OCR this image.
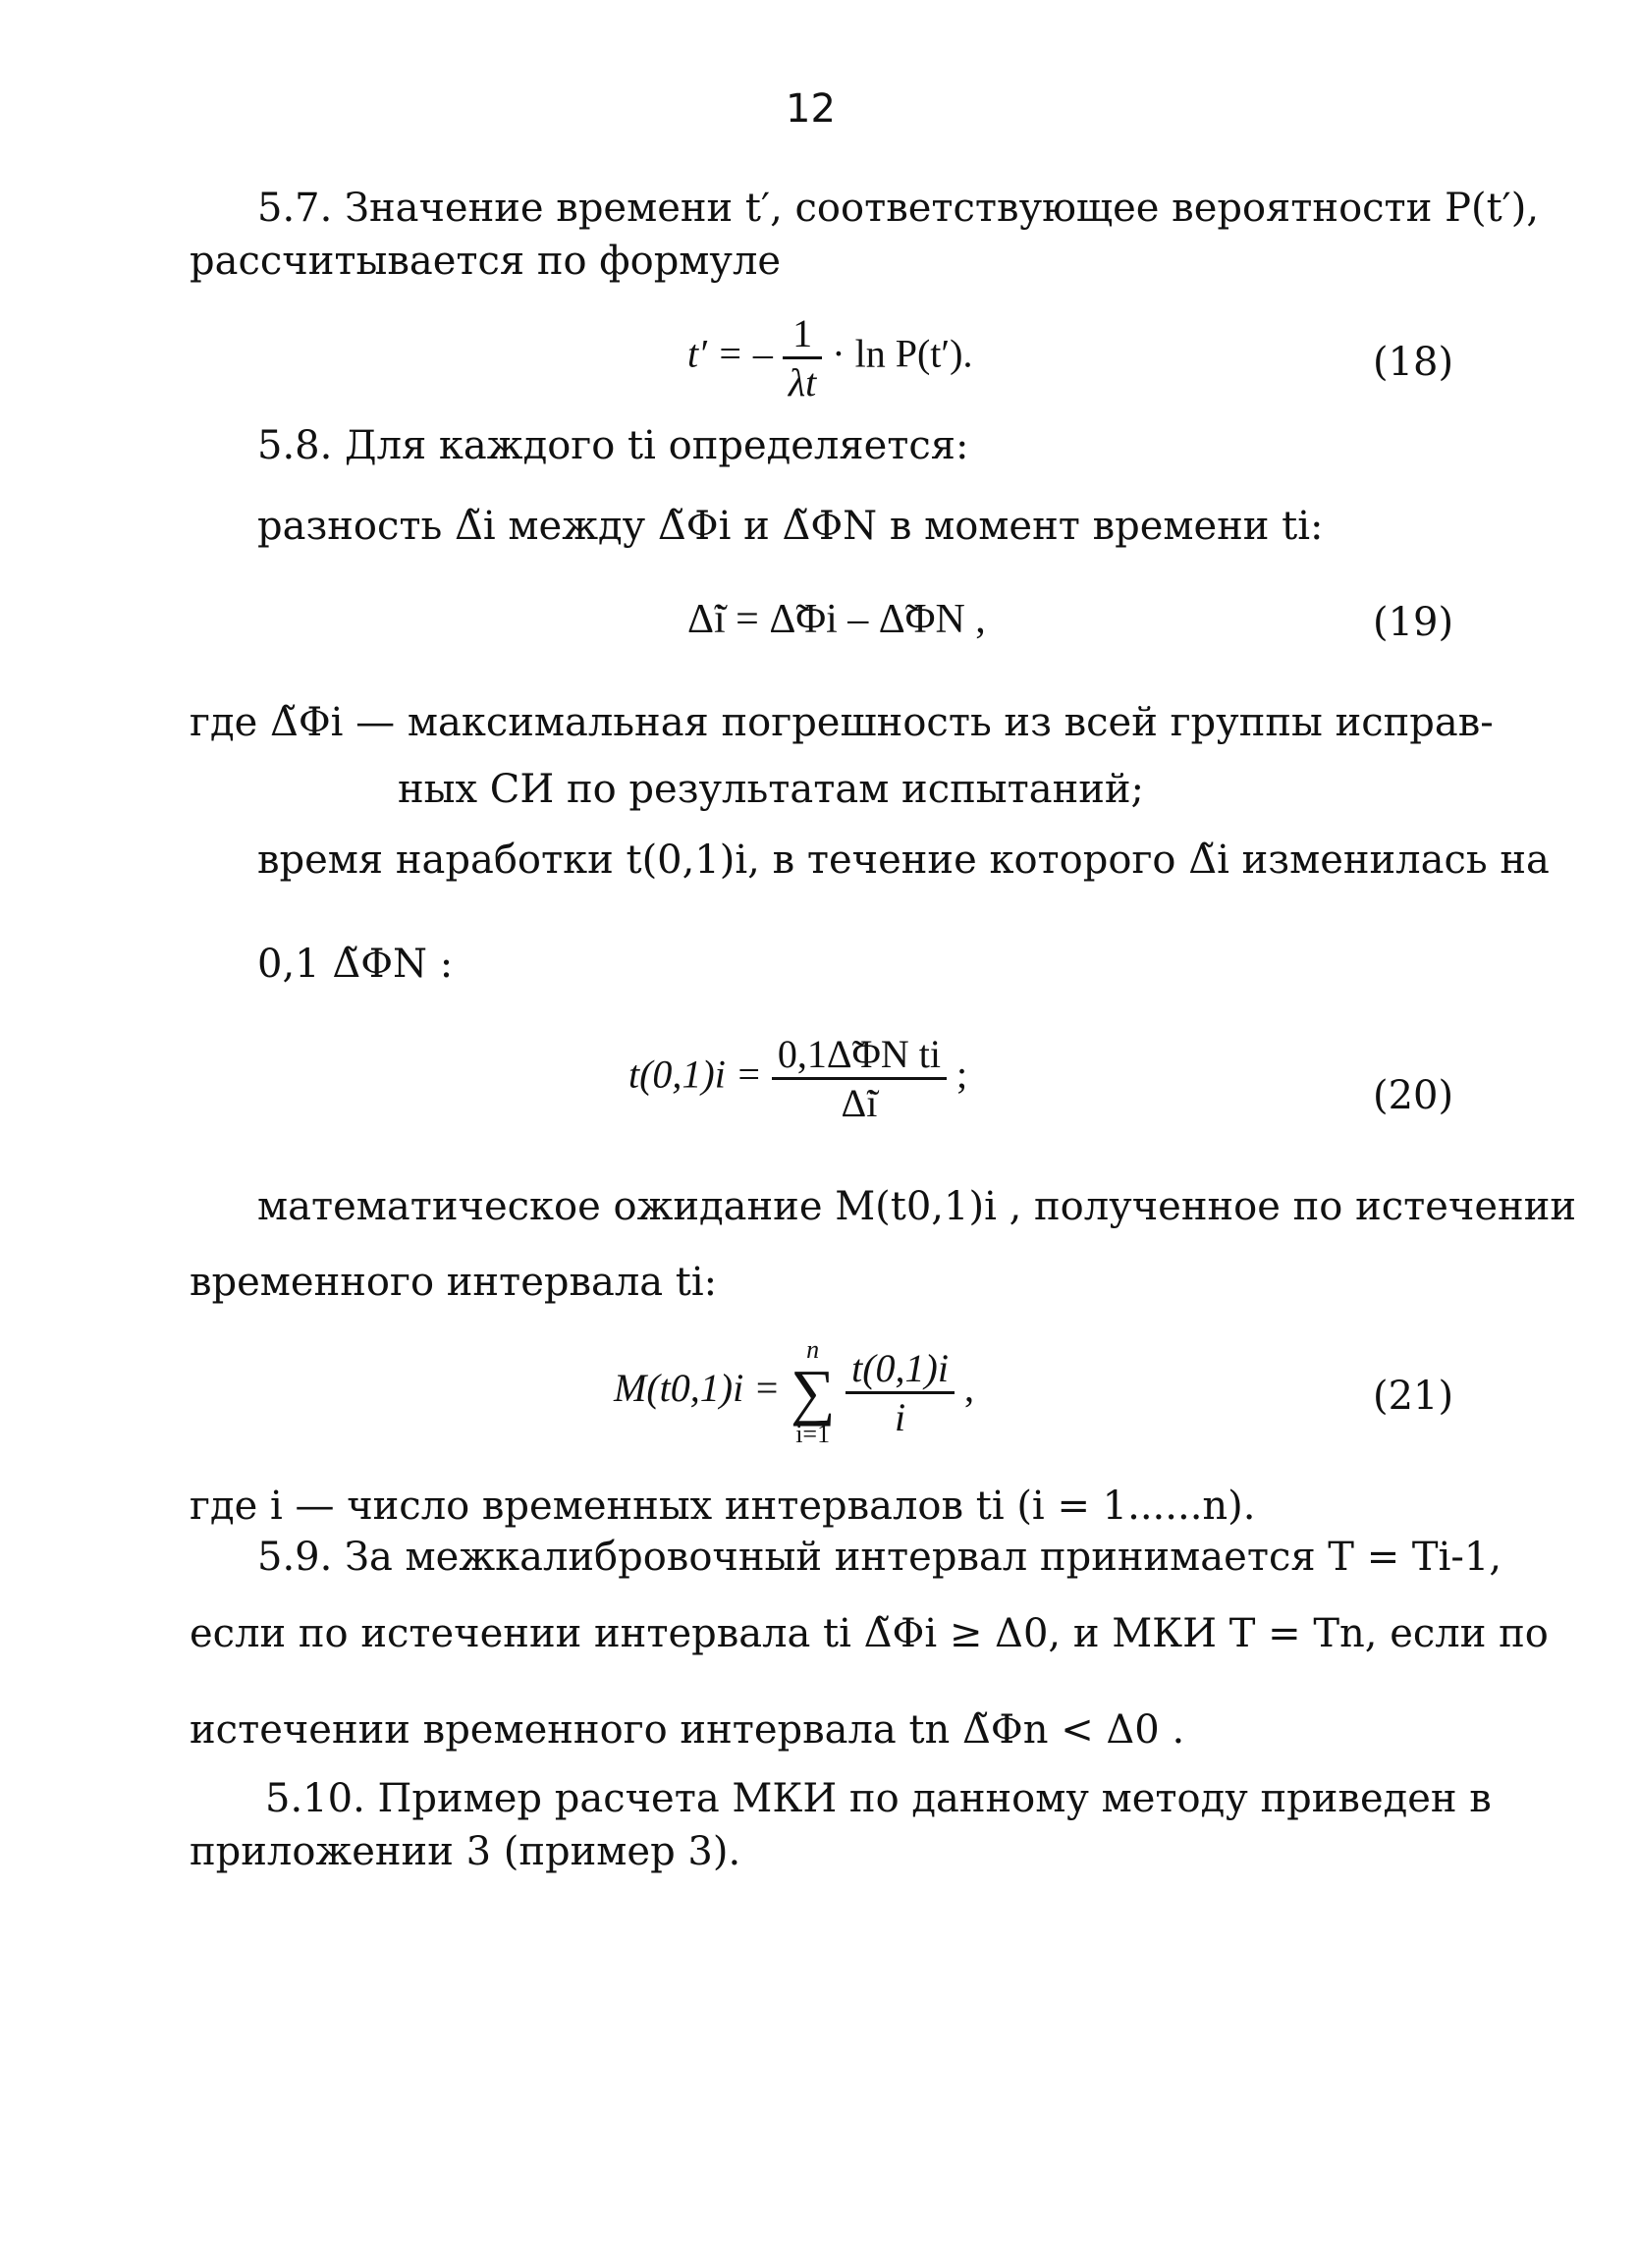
12
5.7. Значение времени t′, соответствующее вероятности P(t′),
рассчитывается по формуле
t′ = – $\frac{1}{\lambda t} \cdot \ln P(t')$.	(18)
5.8. Для каждого ti определяется:
разность Δ̃i между Δ̃Φi и Δ̃ΦN в момент времени ti:
Δ̃i = Δ̃Φi – Δ̃ΦN ,	(19)
где Δ̃Φi — максимальная погрешность из всей группы исправ-
ных СИ по результатам испытаний;
время наработки t(0,1)i, в течение которого Δ̃i изменилась на
0,1 Δ̃ΦN :
$t(0,1)i = \frac{\text{0,1Δ̃ΦN ti}}{\Deltãi}$ ;	(20)
математическое ожидание M(t0,1)i , полученное по истечении
временного интервала ti:
M(t0,1)i =
n
∑
i=1
$\frac{t(0,1)i}{i}$ ,	(21)
где i — число временных интервалов ti (i = 1......n).
5.9. За межкалибровочный интервал принимается T = Ti-1,
если по истечении интервала ti Δ̃Φi ≥ Δ0, и МКИ T = Tn, если по
истечении временного интервала tn Δ̃Φn < Δ0 .
5.10. Пример расчета МКИ по данному методу приведен в
приложении 3 (пример 3).
